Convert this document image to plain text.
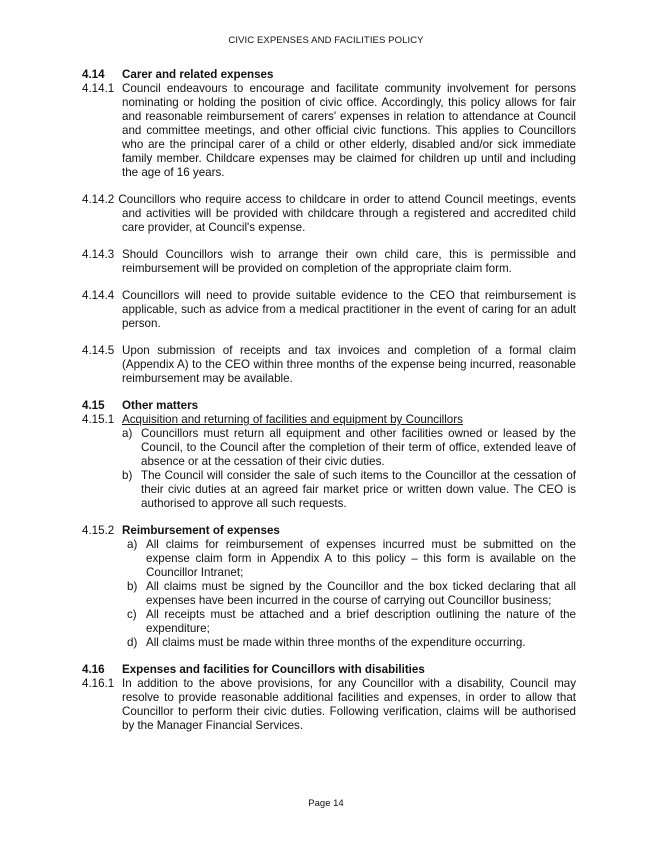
CIVIC EXPENSES AND FACILITIES POLICY
4.14	Carer and related expenses
4.14.1 Council endeavours to encourage and facilitate community involvement for persons nominating or holding the position of civic office. Accordingly, this policy allows for fair and reasonable reimbursement of carers' expenses in relation to attendance at Council and committee meetings, and other official civic functions. This applies to Councillors who are the principal carer of a child or other elderly, disabled and/or sick immediate family member. Childcare expenses may be claimed for children up until and including the age of 16 years.
4.14.2 Councillors who require access to childcare in order to attend Council meetings, events and activities will be provided with childcare through a registered and accredited child care provider, at Council's expense.
4.14.3 Should Councillors wish to arrange their own child care, this is permissible and reimbursement will be provided on completion of the appropriate claim form.
4.14.4 Councillors will need to provide suitable evidence to the CEO that reimbursement is applicable, such as advice from a medical practitioner in the event of caring for an adult person.
4.14.5 Upon submission of receipts and tax invoices and completion of a formal claim (Appendix A) to the CEO within three months of the expense being incurred, reasonable reimbursement may be available.
4.15	Other matters
4.15.1 Acquisition and returning of facilities and equipment by Councillors
a) Councillors must return all equipment and other facilities owned or leased by the Council, to the Council after the completion of their term of office, extended leave of absence or at the cessation of their civic duties.
b) The Council will consider the sale of such items to the Councillor at the cessation of their civic duties at an agreed fair market price or written down value. The CEO is authorised to approve all such requests.
4.15.2 Reimbursement of expenses
a) All claims for reimbursement of expenses incurred must be submitted on the expense claim form in Appendix A to this policy – this form is available on the Councillor Intranet;
b) All claims must be signed by the Councillor and the box ticked declaring that all expenses have been incurred in the course of carrying out Councillor business;
c) All receipts must be attached and a brief description outlining the nature of the expenditure;
d) All claims must be made within three months of the expenditure occurring.
4.16	Expenses and facilities for Councillors with disabilities
4.16.1 In addition to the above provisions, for any Councillor with a disability, Council may resolve to provide reasonable additional facilities and expenses, in order to allow that Councillor to perform their civic duties. Following verification, claims will be authorised by the Manager Financial Services.
Page 14
